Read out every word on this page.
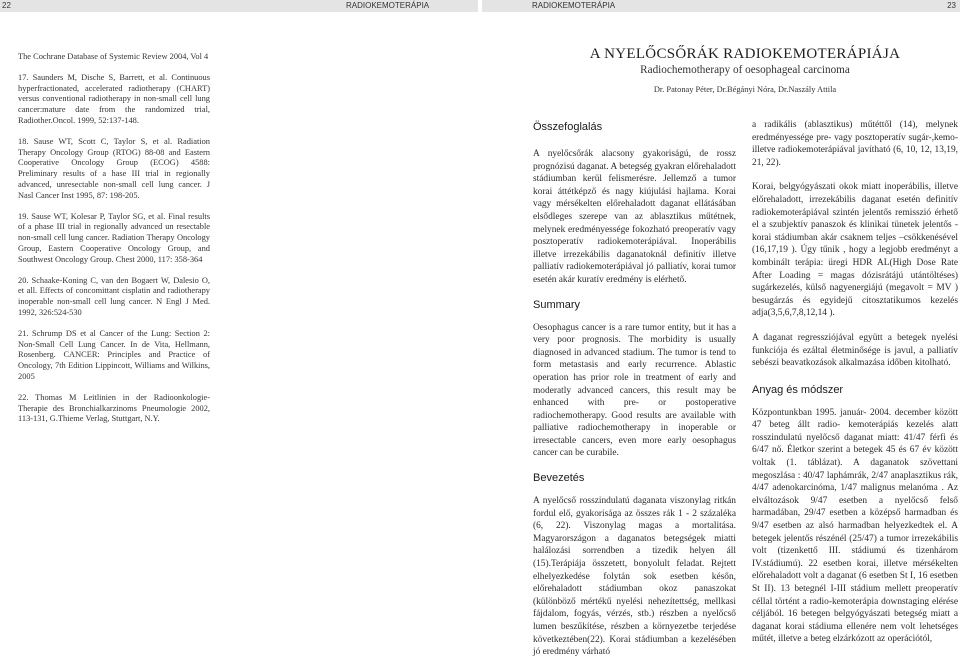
22	RADIOKEMOTERÁPIA	RADIOKEMOTERÁPIA	23

The Cochrane Database of Systemic Review 2004, Vol 4

17. Saunders M, Dische S, Barrett, et al. Continuous hyperfractionated, accelerated radiotherapy (CHART) versus conventional radiotherapy in non-small cell lung cancer:mature date from the randomized trial, Radiother.Oncol. 1999, 52:137-148.

18. Sause WT, Scott C, Taylor S, et al. Radiation Therapy Oncology Group (RTOG) 88-08 and Eastern Cooperative Oncology Group (ECOG) 4588: Preliminary results of a hase III trial in regionally advanced, unresectable non-small cell lung cancer. J Nasl Cancer Inst 1995, 87: 198-205.

19. Sause WT, Kolesar P, Taylor SG, et al. Final results of a phase III trial in regionally advanced un resectable non-small cell lung cancer. Radiation Therapy Oncology Group, Eastern Cooperative Oncology Group, and Southwest Oncology Group. Chest 2000, 117: 358-364

20. Schaake-Koning C, van den Bogaert W, Dalesio O, et all. Effects of concomittant cisplatin and radiotherapy inoperable non-small cell lung cancer. N Engl J Med. 1992, 326:524-530

21. Schrump DS et al Cancer of the Lung: Section 2: Non-Small Cell Lung Cancer. In de Vita, Hellmann, Rosenberg. CANCER: Principles and Practice of Oncology, 7th Edition Lippincott, Williams and Wilkins, 2005

22. Thomas M Leitlinien in der Radioonkologie- Therapie des Bronchialkarzinoms Pneumologie 2002, 113-131, G.Thieme Verlag, Stuttgart, N.Y.

A NYELŐCSŐRÁK RADIOKEMOTERÁPIÁJA
Radiochemotherapy of oesophageal carcinoma
Dr. Patonay Péter, Dr.Bégányi Nóra, Dr.Naszály Attila
Összefoglalás

A nyelőcsőrák alacsony gyakoriságú, de rossz prognózisú daganat. A betegség gyakran előrehaladott stádiumban kerül felismerésre. Jellemző a tumor korai áttétképző és nagy kiújulási hajlama. Korai vagy mérsékelten előrehaladott daganat ellátásában elsődleges szerepe van az ablasztikus műtétnek, melynek eredményessége fokozható preoperatív vagy posztoperatív radiokemoterápiával. Inoperábilis illetve irrezekábilis daganatoknál definitív illetve palliatív radiokemoterápiával jó palliatív, korai tumor esetén akár kuratív eredmény is elérhető.

Summary

Oesophagus cancer is a rare tumor entity, but it has a very poor prognosis. The morbidity is usually diagnosed in advanced stadium. The tumor is tend to form metastasis and early recurrence. Ablastic operation has prior role in treatment of early and moderatly advanced cancers, this result may be enhanced with pre- or postoperative radiochemotherapy. Good results are available with palliative radiochemotherapy in inoperable or irresectable cancers, even more early oesophagus cancer can be curabile.

Bevezetés

A nyelőcső rosszindulatú daganata viszonylag ritkán fordul elő, gyakorisága az összes rák 1 - 2 százaléka (6, 22). Viszonylag magas a mortalitása. Magyarországon a daganatos betegségek miatti halálozási sorrendben a tizedik helyen áll (15).Terápiája összetett, bonyolult feladat. Rejtett elhelyezkedése folytán sok esetben későn, előrehaladott stádiumban okoz panaszokat (különböző mértékű nyelési nehezítettség, mellkasi fájdalom, fogyás, vérzés, stb.) részben a nyelőcső lumen beszűkítése, részben a környezetbe terjedése következtében(22). Korai stádiumban a kezelésében jó eredmény várható

a radikális (ablasztikus) műtéttől (14), melynek eredményessége pre- vagy posztoperatív sugár-,kemo- illetve radiokemoterápiával javítható (6, 10, 12, 13,19, 21, 22).

Korai, belgyógyászati okok miatt inoperábilis, illetve előrehaladott, irrezekábilis daganat esetén definitív radiokemoterápiával szintén jelentős remisszió érhető el a szubjektív panaszok és klinikai tünetek jelentős - korai stádiumban akár csaknem teljes –csökkenésével (16,17,19 ). Úgy tűnik , hogy a legjobb eredményt a kombinált terápia: üregi HDR AL(High Dose Rate After Loading = magas dózisrátájú utántöltéses) sugárkezelés, külső nagyenergiájú (megavolt = MV ) besugárzás és egyidejű citosztatikumos kezelés adja(3,5,6,7,8,12,14 ).

A daganat regressziójával együtt a betegek nyelési funkciója és ezáltal életminősége is javul, a palliatív sebészi beavatkozások alkalmazása időben kitolható.

Anyag és módszer

Központunkban 1995. január- 2004. december között 47 beteg állt radio- kemoterápiás kezelés alatt rosszindulatú nyelőcső daganat miatt: 41/47 férfi és 6/47 nő. Életkor szerint a betegek 45 és 67 év között voltak (1. táblázat). A daganatok szövettani megoszlása : 40/47 laphámrák, 2/47 anaplasztikus rák, 4/47 adenokarcinóma, 1/47 malignus melanóma . Az elváltozások 9/47 esetben a nyelőcső felső harmadában, 29/47 esetben a középső harmadban és 9/47 esetben az alsó harmadban helyezkedtek el. A betegek jelentős részénél (25/47) a tumor irrezekábilis volt (tizenkettő III. stádiumú és tizenhárom IV.stádiumú). 22 esetben korai, illetve mérsékelten előrehaladott volt a daganat (6 esetben St I, 16 esetben St II). 13 betegnél I-III stádium mellett preoperatív céllal történt a radio-kemoterápia downstaging elérése céljából. 16 betegen belgyógyászati betegség miatt a daganat korai stádiuma ellenére nem volt lehetséges műtét, illetve a beteg elzárkózott az operációtól,
